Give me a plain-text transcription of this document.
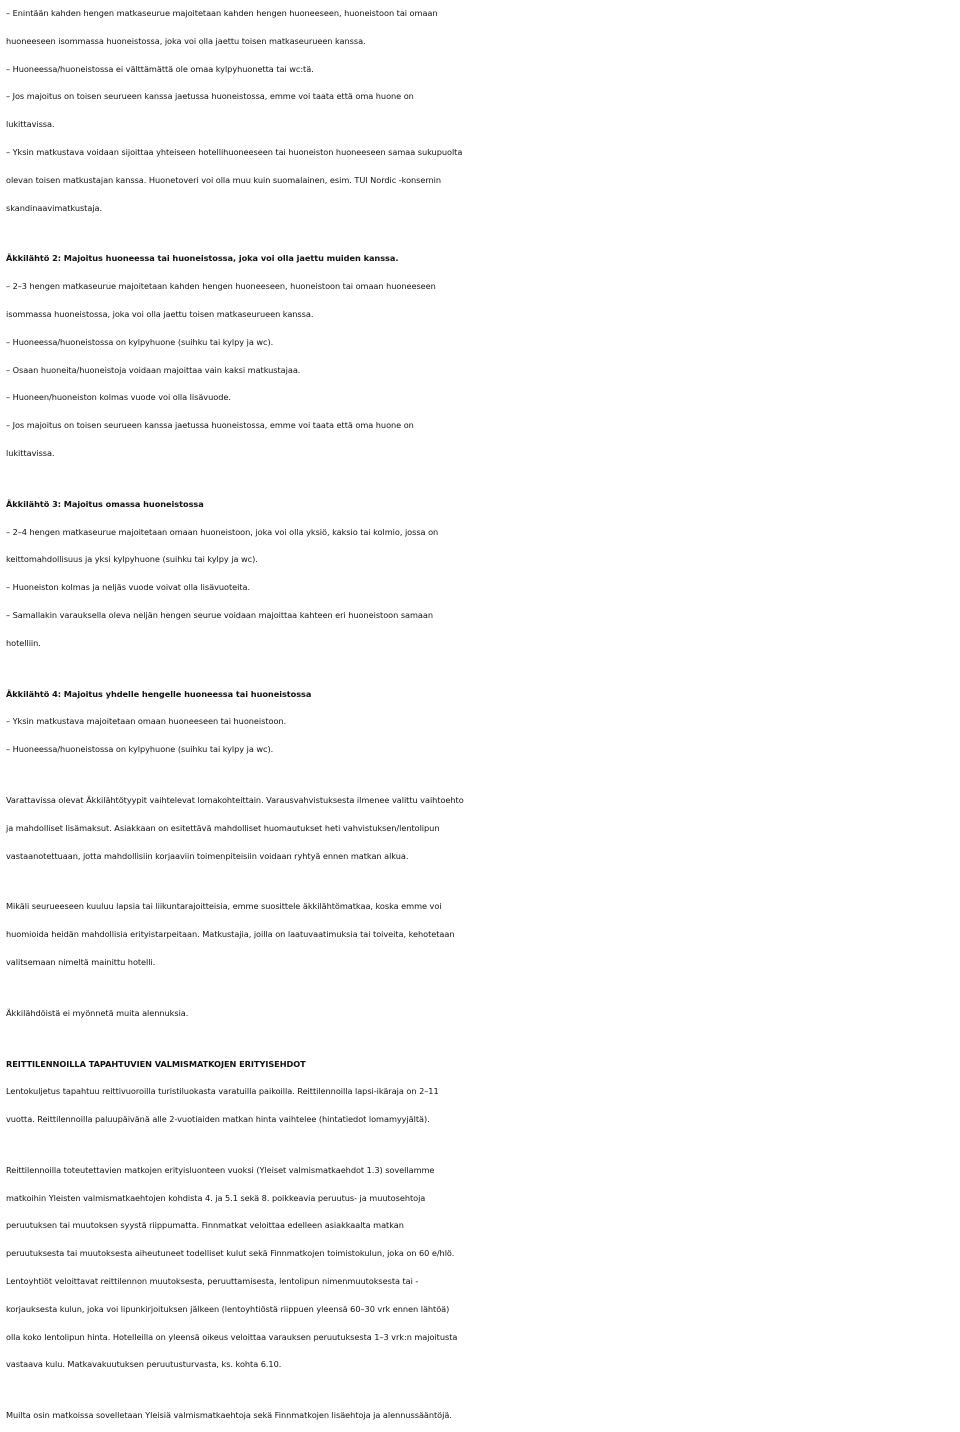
– Enintään kahden hengen matkaseurue majoitetaan kahden hengen huoneeseen, huoneistoon tai omaan
huoneeseen isommassa huoneistossa, joka voi olla jaettu toisen matkaseurueen kanssa.
– Huoneessa/huoneistossa ei välttämättä ole omaa kylpyhuonetta tai wc:tä.
– Jos majoitus on toisen seurueen kanssa jaetussa huoneistossa, emme voi taata että oma huone on
lukittavissa.
– Yksin matkustava voidaan sijoittaa yhteiseen hotellihuoneeseen tai huoneiston huoneeseen samaa sukupuolta
olevan toisen matkustajan kanssa. Huonetoveri voi olla muu kuin suomalainen, esim. TUI Nordic -konsernin
skandinaavimatkustaja.
Äkkilähtö 2: Majoitus huoneessa tai huoneistossa, joka voi olla jaettu muiden kanssa.
– 2–3 hengen matkaseurue majoitetaan kahden hengen huoneeseen, huoneistoon tai omaan huoneeseen
isommassa huoneistossa, joka voi olla jaettu toisen matkaseurueen kanssa.
– Huoneessa/huoneistossa on kylpyhuone (suihku tai kylpy ja wc).
– Osaan huoneita/huoneistoja voidaan majoittaa vain kaksi matkustajaa.
– Huoneen/huoneiston kolmas vuode voi olla lisävuode.
– Jos majoitus on toisen seurueen kanssa jaetussa huoneistossa, emme voi taata että oma huone on
lukittavissa.
Äkkilähtö 3: Majoitus omassa huoneistossa
– 2–4 hengen matkaseurue majoitetaan omaan huoneistoon, joka voi olla yksiö, kaksio tai kolmio, jossa on
keittomahdollisuus ja yksi kylpyhuone (suihku tai kylpy ja wc).
– Huoneiston kolmas ja neljäs vuode voivat olla lisävuoteita.
– Samallakin varauksella oleva neljän hengen seurue voidaan majoittaa kahteen eri huoneistoon samaan
hotelliin.
Äkkilähtö 4: Majoitus yhdelle hengelle huoneessa tai huoneistossa
– Yksin matkustava majoitetaan omaan huoneeseen tai huoneistoon.
– Huoneessa/huoneistossa on kylpyhuone (suihku tai kylpy ja wc).
Varattavissa olevat Äkkilähtötyypit vaihtelevat lomakohteittain. Varausvahvistuksesta ilmenee valittu vaihtoehto
ja mahdolliset lisämaksut. Asiakkaan on esitettävä mahdolliset huomautukset heti vahvistuksen/lentolipun
vastaanotettuaan, jotta mahdollisiin korjaaviin toimenpiteisiin voidaan ryhtyä ennen matkan alkua.
Mikäli seurueeseen kuuluu lapsia tai liikuntarajoitteisia, emme suosittele äkkilähtömatkaa, koska emme voi
huomioida heidän mahdollisia erityistarpeitaan. Matkustajia, joilla on laatuvaatimuksia tai toiveita, kehotetaan
valitsemaan nimeltä mainittu hotelli.
Äkkilähdöistä ei myönnetä muita alennuksia.
REITTILENNOILLA TAPAHTUVIEN VALMISMATKOJEN ERITYISEHDOT
Lentokuljetus tapahtuu reittivuoroilla turistiluokasta varatuilla paikoilla. Reittilennoilla lapsi-ikäraja on 2–11
vuotta. Reittilennoilla paluupäivänä alle 2-vuotiaiden matkan hinta vaihtelee (hintatiedot lomamyyjältä).
Reittilennoilla toteutettavien matkojen erityisluonteen vuoksi (Yleiset valmismatkaehdot 1.3) sovellamme
matkoihin Yleisten valmismatkaehtojen kohdista 4. ja 5.1 sekä 8. poikkeavia peruutus- ja muutosehtoja
peruutuksen tai muutoksen syystä riippumatta. Finnmatkat veloittaa edelleen asiakkaalta matkan
peruutuksesta tai muutoksesta aiheutuneet todelliset kulut sekä Finnmatkojen toimistokulun, joka on 60 e/hlö.
Lentoyhtiöt veloittavat reittilennon muutoksesta, peruuttamisesta, lentolipun nimenmuutoksesta tai -
korjauksesta kulun, joka voi lipunkirjoituksen jälkeen (lentoyhtiöstä riippuen yleensä 60–30 vrk ennen lähtöä)
olla koko lentolipun hinta. Hotelleilla on yleensä oikeus veloittaa varauksen peruutuksesta 1–3 vrk:n majoitusta
vastaava kulu. Matkavakuutuksen peruutusturvasta, ks. kohta 6.10.
Muilta osin matkoissa sovelletaan Yleisiä valmismatkaehtoja sekä Finnmatkojen lisäehtoja ja alennussääntöjä.
